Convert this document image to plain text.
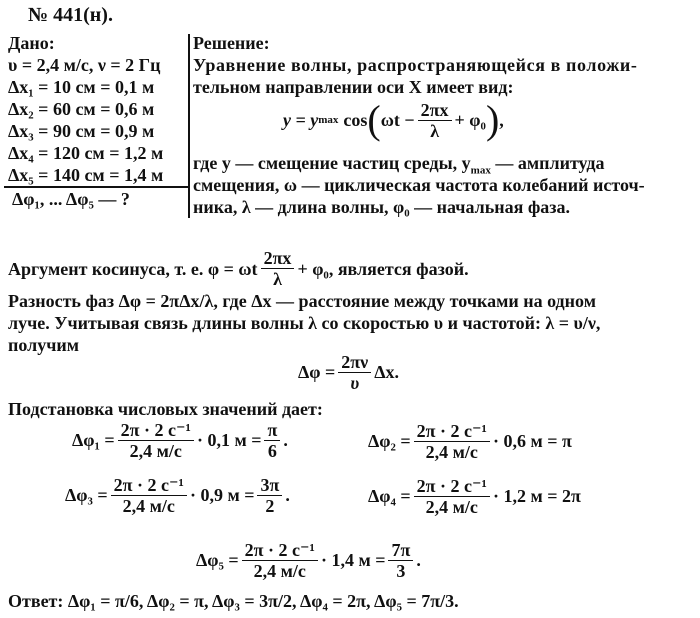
№ 441(н).
Дано:
υ = 2,4 м/с, ν = 2 Гц
Δx₁ = 10 см = 0,1 м
Δx₂ = 60 см = 0,6 м
Δx₃ = 90 см = 0,9 м
Δx₄ = 120 см = 1,2 м
Δx₅ = 140 см = 1,4 м
Δφ₁, ... Δφ₅ — ?
Решение:
Уравнение волны, распространяющейся в положи-
тельном направлении оси X имеет вид:
y = y max cos ( $\omega t - \frac{2\pi x}{\lambda} + \varphi_0$ ) ,
где y — смещение частиц среды, $y_{max}$ — амплитуда
смещения, ω — циклическая частота колебаний источ-
ника, λ — длина волны, φ₀ — начальная фаза.
Аргумент косинуса, т. е. φ = ωt $\frac{2\pi x}{\lambda} + \varphi_0$, является фазой.
Разность фаз Δφ = 2πΔx/λ, где Δx — расстояние между точками на одном
луче. Учитывая связь длины волны λ со скоростью υ и частотой: λ = υ/ν,
получим
$\Delta\varphi = \frac{2\pi\nu}{\upsilon} \Delta x$.
Подстановка числовых значений дает:
$\Delta\varphi_1 = \frac{\text{2π · 2 с⁻¹}}{2,4 м/с} \cdot 0,1$ $м = \frac{\pi}{6}$ .	$\Delta\varphi_2 = \frac{\text{2π · 2 с⁻¹}}{2,4 м/с} \cdot 0,6$ м = π
$\Delta\varphi_3 = \frac{\text{2π · 2 с⁻¹}}{2,4 м/с} \cdot 0,9$ $м = \frac{3\pi}{2}$ .	$\Delta\varphi_4 = \frac{\text{2π · 2 с⁻¹}}{2,4 м/с} \cdot 1,2$ м = 2π
$\Delta\varphi_5 = \frac{\text{2π · 2 с⁻¹}}{2,4 м/с} \cdot 1,4$ $м = \frac{7\pi}{3}$ .
Ответ: Δφ₁ = π/6, Δφ₂ = π, Δφ₃ = 3π/2, Δφ₄ = 2π, Δφ₅ = 7π/3.
